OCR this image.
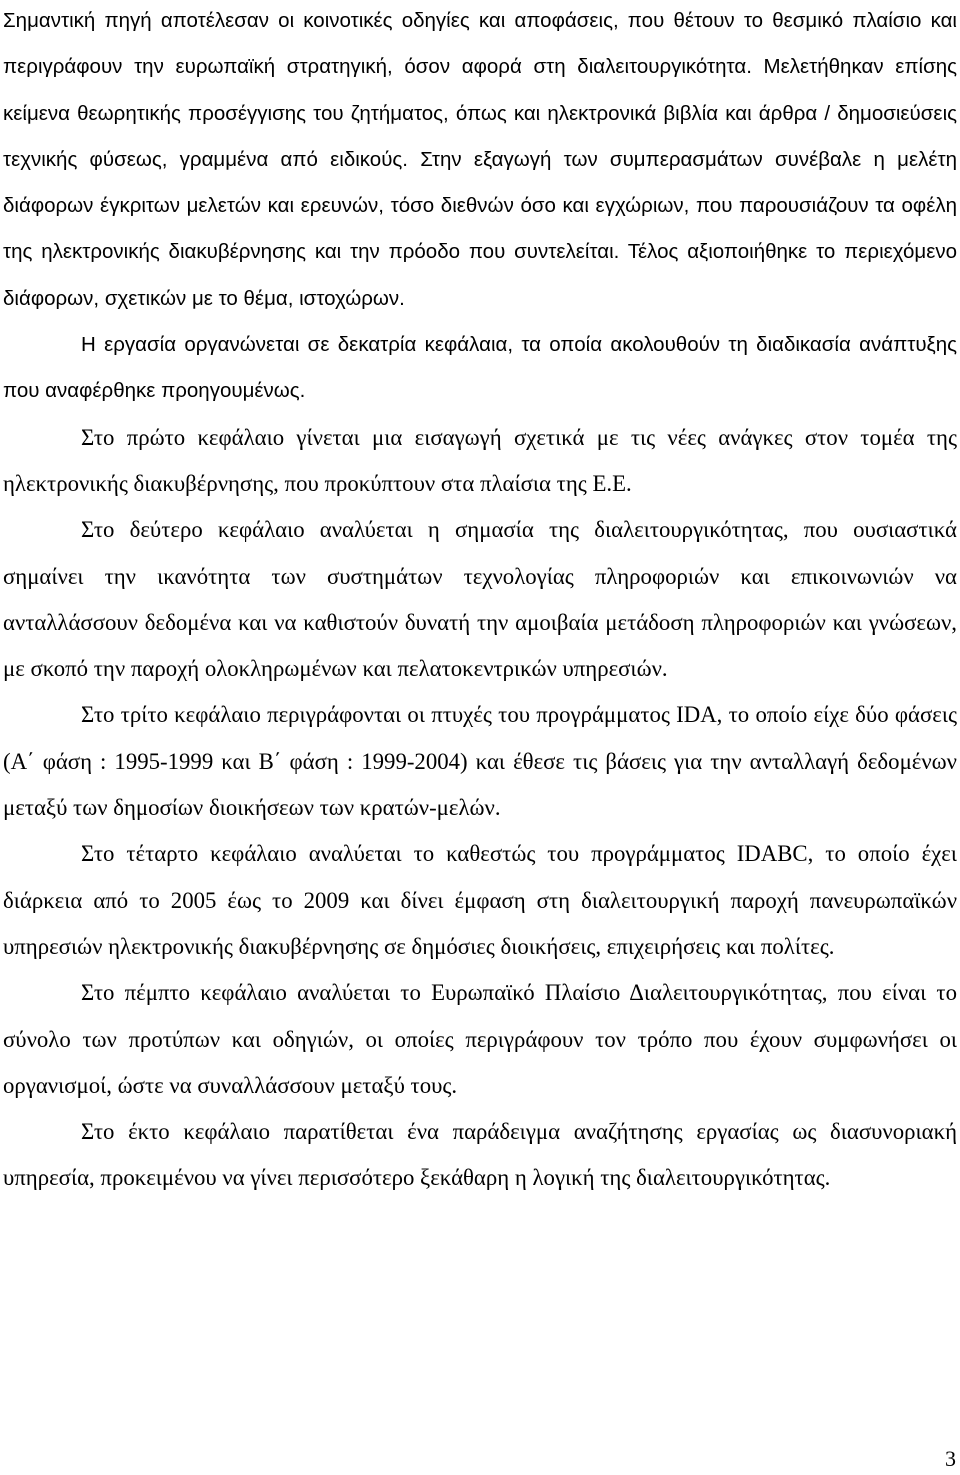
Σημαντική πηγή αποτέλεσαν οι κοινοτικές οδηγίες και αποφάσεις, που θέτουν το θεσμικό πλαίσιο και περιγράφουν την ευρωπαϊκή στρατηγική, όσον αφορά στη διαλειτουργικότητα. Μελετήθηκαν επίσης κείμενα θεωρητικής προσέγγισης του ζητήματος, όπως και ηλεκτρονικά βιβλία και άρθρα / δημοσιεύσεις τεχνικής φύσεως, γραμμένα από ειδικούς. Στην εξαγωγή των συμπερασμάτων συνέβαλε η μελέτη διάφορων έγκριτων μελετών και ερευνών, τόσο διεθνών όσο και εγχώριων, που παρουσιάζουν τα οφέλη της ηλεκτρονικής διακυβέρνησης και την πρόοδο που συντελείται. Τέλος αξιοποιήθηκε το περιεχόμενο διάφορων, σχετικών με το θέμα, ιστοχώρων.

Η εργασία οργανώνεται σε δεκατρία κεφάλαια, τα οποία ακολουθούν τη διαδικασία ανάπτυξης που αναφέρθηκε προηγουμένως.

Στο πρώτο κεφάλαιο γίνεται μια εισαγωγή σχετικά με τις νέες ανάγκες στον τομέα της ηλεκτρονικής διακυβέρνησης, που προκύπτουν στα πλαίσια της Ε.Ε.

Στο δεύτερο κεφάλαιο αναλύεται η σημασία της διαλειτουργικότητας, που ουσιαστικά σημαίνει την ικανότητα των συστημάτων τεχνολογίας πληροφοριών και επικοινωνιών να ανταλλάσσουν δεδομένα και να καθιστούν δυνατή την αμοιβαία μετάδοση πληροφοριών και γνώσεων, με σκοπό την παροχή ολοκληρωμένων και πελατοκεντρικών υπηρεσιών.

Στο τρίτο κεφάλαιο περιγράφονται οι πτυχές του προγράμματος IDA, το οποίο είχε δύο φάσεις (Α΄ φάση : 1995-1999 και Β΄ φάση : 1999-2004) και έθεσε τις βάσεις για την ανταλλαγή δεδομένων μεταξύ των δημοσίων διοικήσεων των κρατών-μελών.

Στο τέταρτο κεφάλαιο αναλύεται το καθεστώς του προγράμματος IDABC, το οποίο έχει διάρκεια από το 2005 έως το 2009 και δίνει έμφαση στη διαλειτουργική παροχή πανευρωπαϊκών υπηρεσιών ηλεκτρονικής διακυβέρνησης σε δημόσιες διοικήσεις, επιχειρήσεις και πολίτες.

Στο πέμπτο κεφάλαιο αναλύεται το Ευρωπαϊκό Πλαίσιο Διαλειτουργικότητας, που είναι το σύνολο των προτύπων και οδηγιών, οι οποίες περιγράφουν τον τρόπο που έχουν συμφωνήσει οι οργανισμοί, ώστε να συναλλάσσουν μεταξύ τους.

Στο έκτο κεφάλαιο παρατίθεται ένα παράδειγμα αναζήτησης εργασίας ως διασυνοριακή υπηρεσία, προκειμένου να γίνει περισσότερο ξεκάθαρη η λογική της διαλειτουργικότητας.

3
